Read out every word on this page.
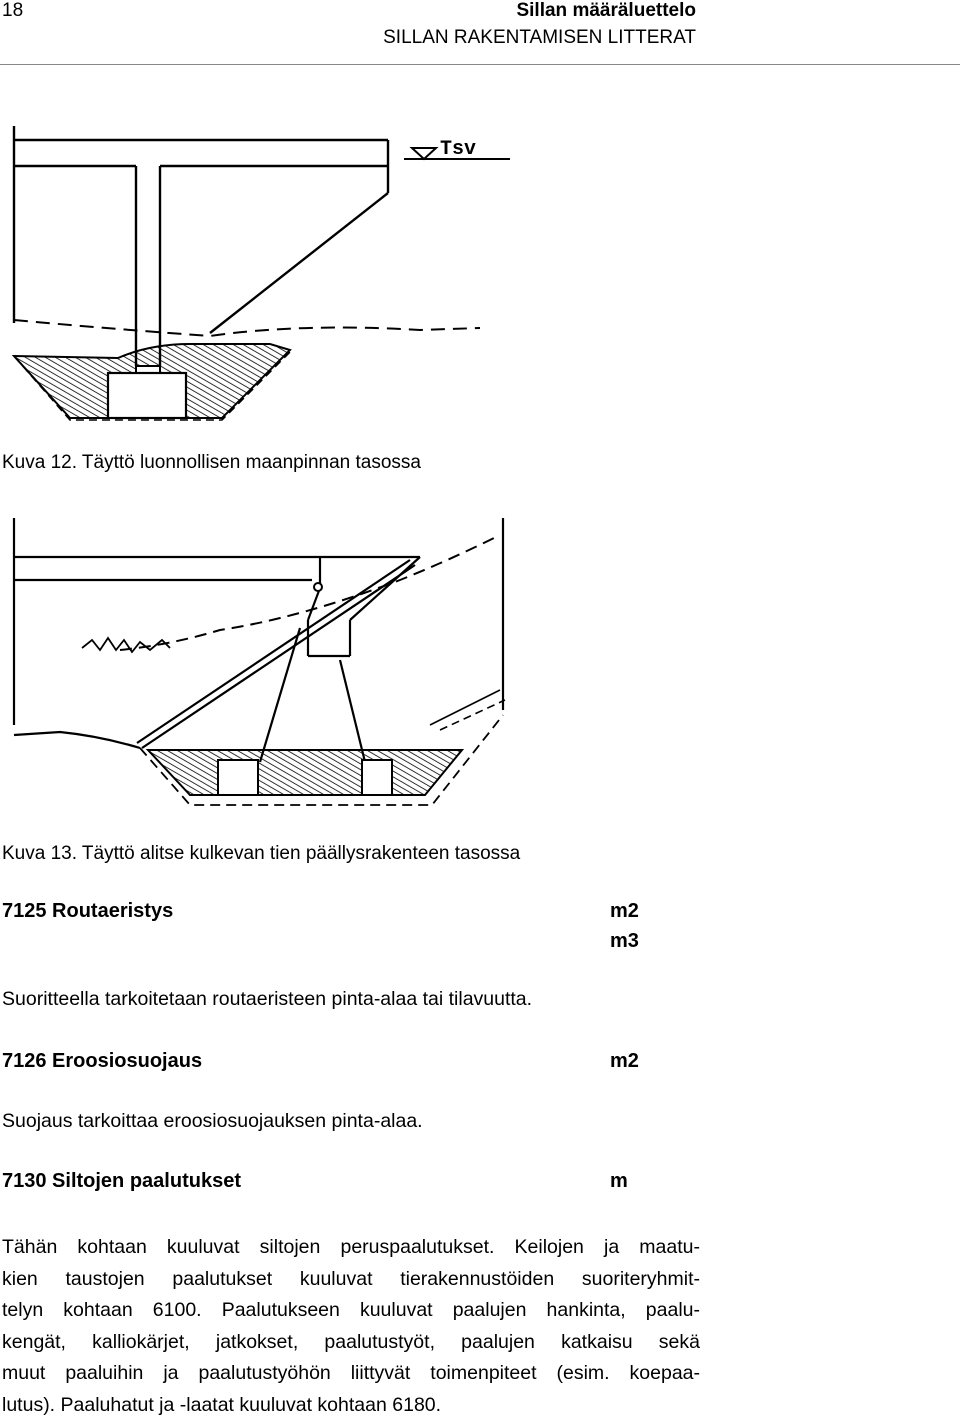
18	Sillan määräluettelo
SILLAN RAKENTAMISEN LITTERAT
Tsv
Kuva 12. Täyttö luonnollisen maanpinnan tasossa
Kuva 13. Täyttö alitse kulkevan tien päällysrakenteen tasossa
7125 Routaeristys	m2
m3
Suoritteella tarkoitetaan routaeristeen pinta-alaa tai tilavuutta.
7126 Eroosiosuojaus	m2
Suojaus tarkoittaa eroosiosuojauksen pinta-alaa.
7130 Siltojen paalutukset	m
Tähän kohtaan kuuluvat siltojen peruspaalutukset. Keilojen ja maatu-
kien taustojen paalutukset kuuluvat tierakennustöiden suoriteryhmit-
telyn kohtaan 6100. Paalutukseen kuuluvat paalujen hankinta, paalu-
kengät, kalliokärjet, jatkokset, paalutustyöt, paalujen katkaisu sekä
muut paaluihin ja paalutustyöhön liittyvät toimenpiteet (esim. koepaa-
lutus). Paaluhatut ja -laatat kuuluvat kohtaan 6180.
